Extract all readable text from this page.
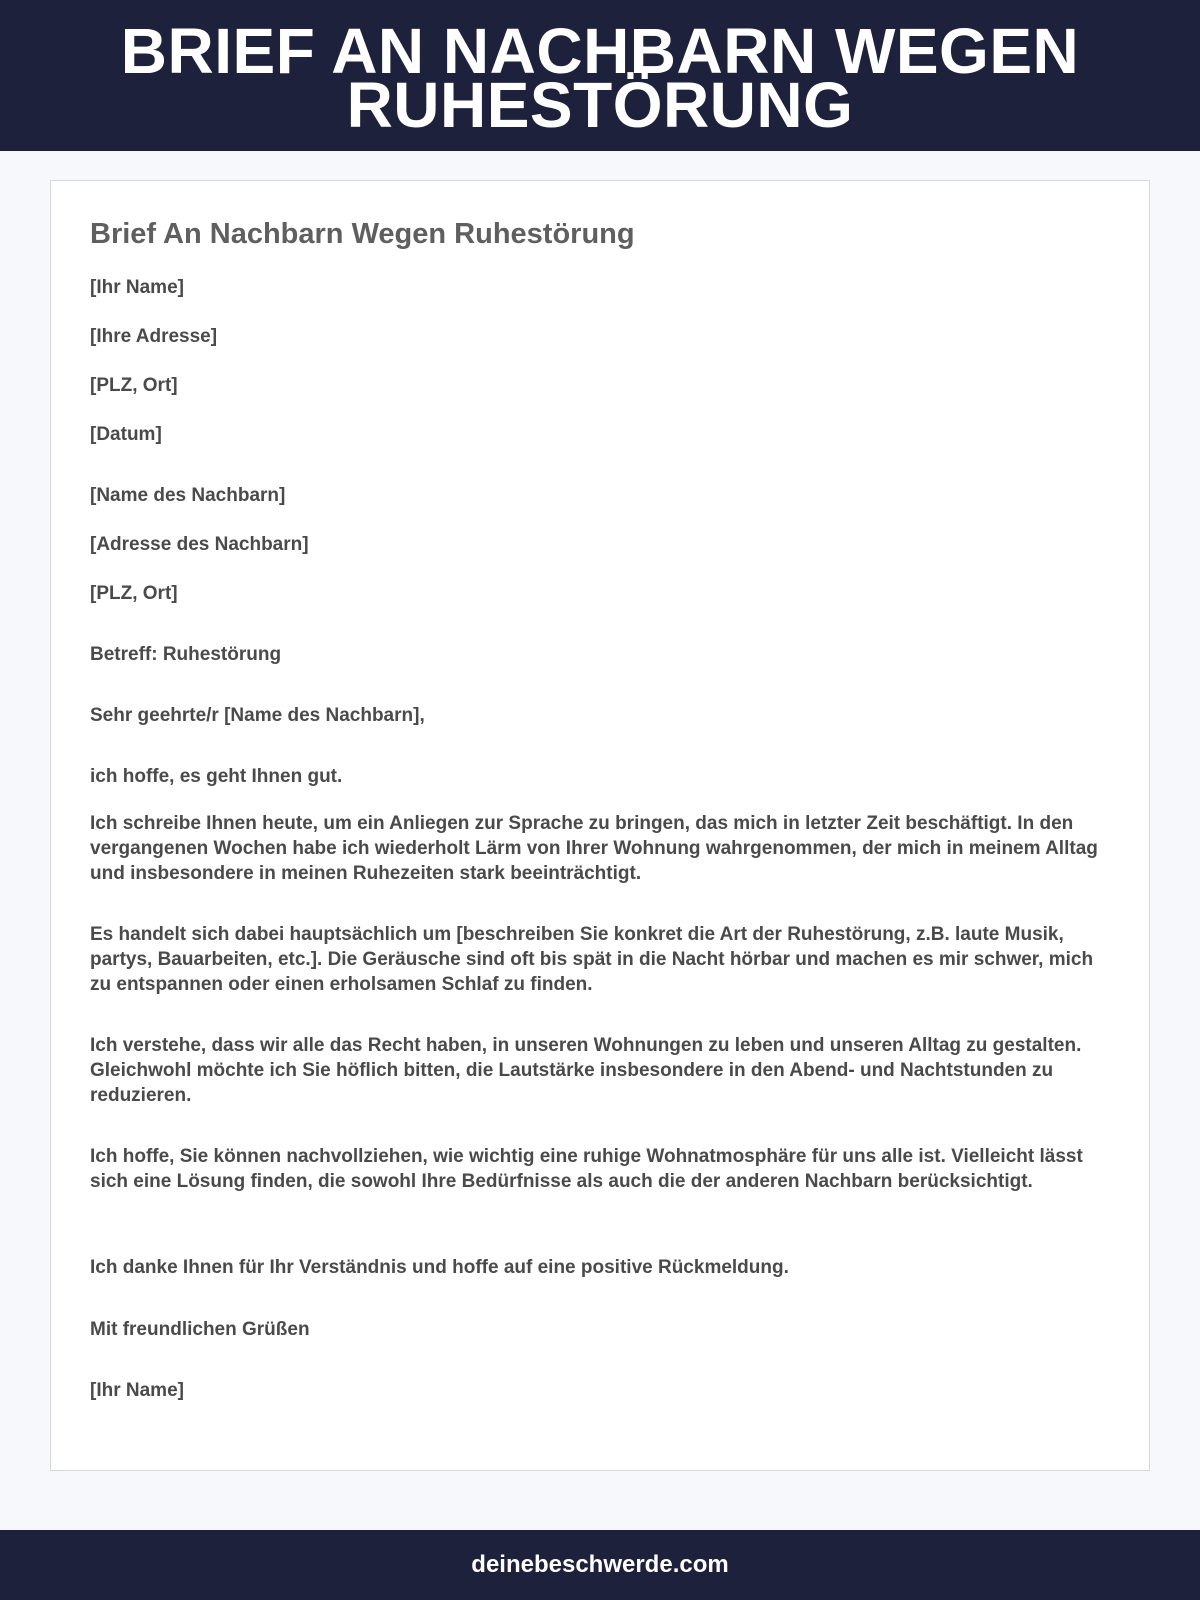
BRIEF AN NACHBARN WEGEN RUHESTÖRUNG
Brief An Nachbarn Wegen Ruhestörung
[Ihr Name]
[Ihre Adresse]
[PLZ, Ort]
[Datum]
[Name des Nachbarn]
[Adresse des Nachbarn]
[PLZ, Ort]
Betreff: Ruhestörung
Sehr geehrte/r [Name des Nachbarn],
ich hoffe, es geht Ihnen gut.
Ich schreibe Ihnen heute, um ein Anliegen zur Sprache zu bringen, das mich in letzter Zeit beschäftigt. In den vergangenen Wochen habe ich wiederholt Lärm von Ihrer Wohnung wahrgenommen, der mich in meinem Alltag und insbesondere in meinen Ruhezeiten stark beeinträchtigt.
Es handelt sich dabei hauptsächlich um [beschreiben Sie konkret die Art der Ruhestörung, z.B. laute Musik, partys, Bauarbeiten, etc.]. Die Geräusche sind oft bis spät in die Nacht hörbar und machen es mir schwer, mich zu entspannen oder einen erholsamen Schlaf zu finden.
Ich verstehe, dass wir alle das Recht haben, in unseren Wohnungen zu leben und unseren Alltag zu gestalten. Gleichwohl möchte ich Sie höflich bitten, die Lautstärke insbesondere in den Abend- und Nachtstunden zu reduzieren.
Ich hoffe, Sie können nachvollziehen, wie wichtig eine ruhige Wohnatmosphäre für uns alle ist. Vielleicht lässt sich eine Lösung finden, die sowohl Ihre Bedürfnisse als auch die der anderen Nachbarn berücksichtigt.
Ich danke Ihnen für Ihr Verständnis und hoffe auf eine positive Rückmeldung.
Mit freundlichen Grüßen
[Ihr Name]
deinebeschwerde.com
